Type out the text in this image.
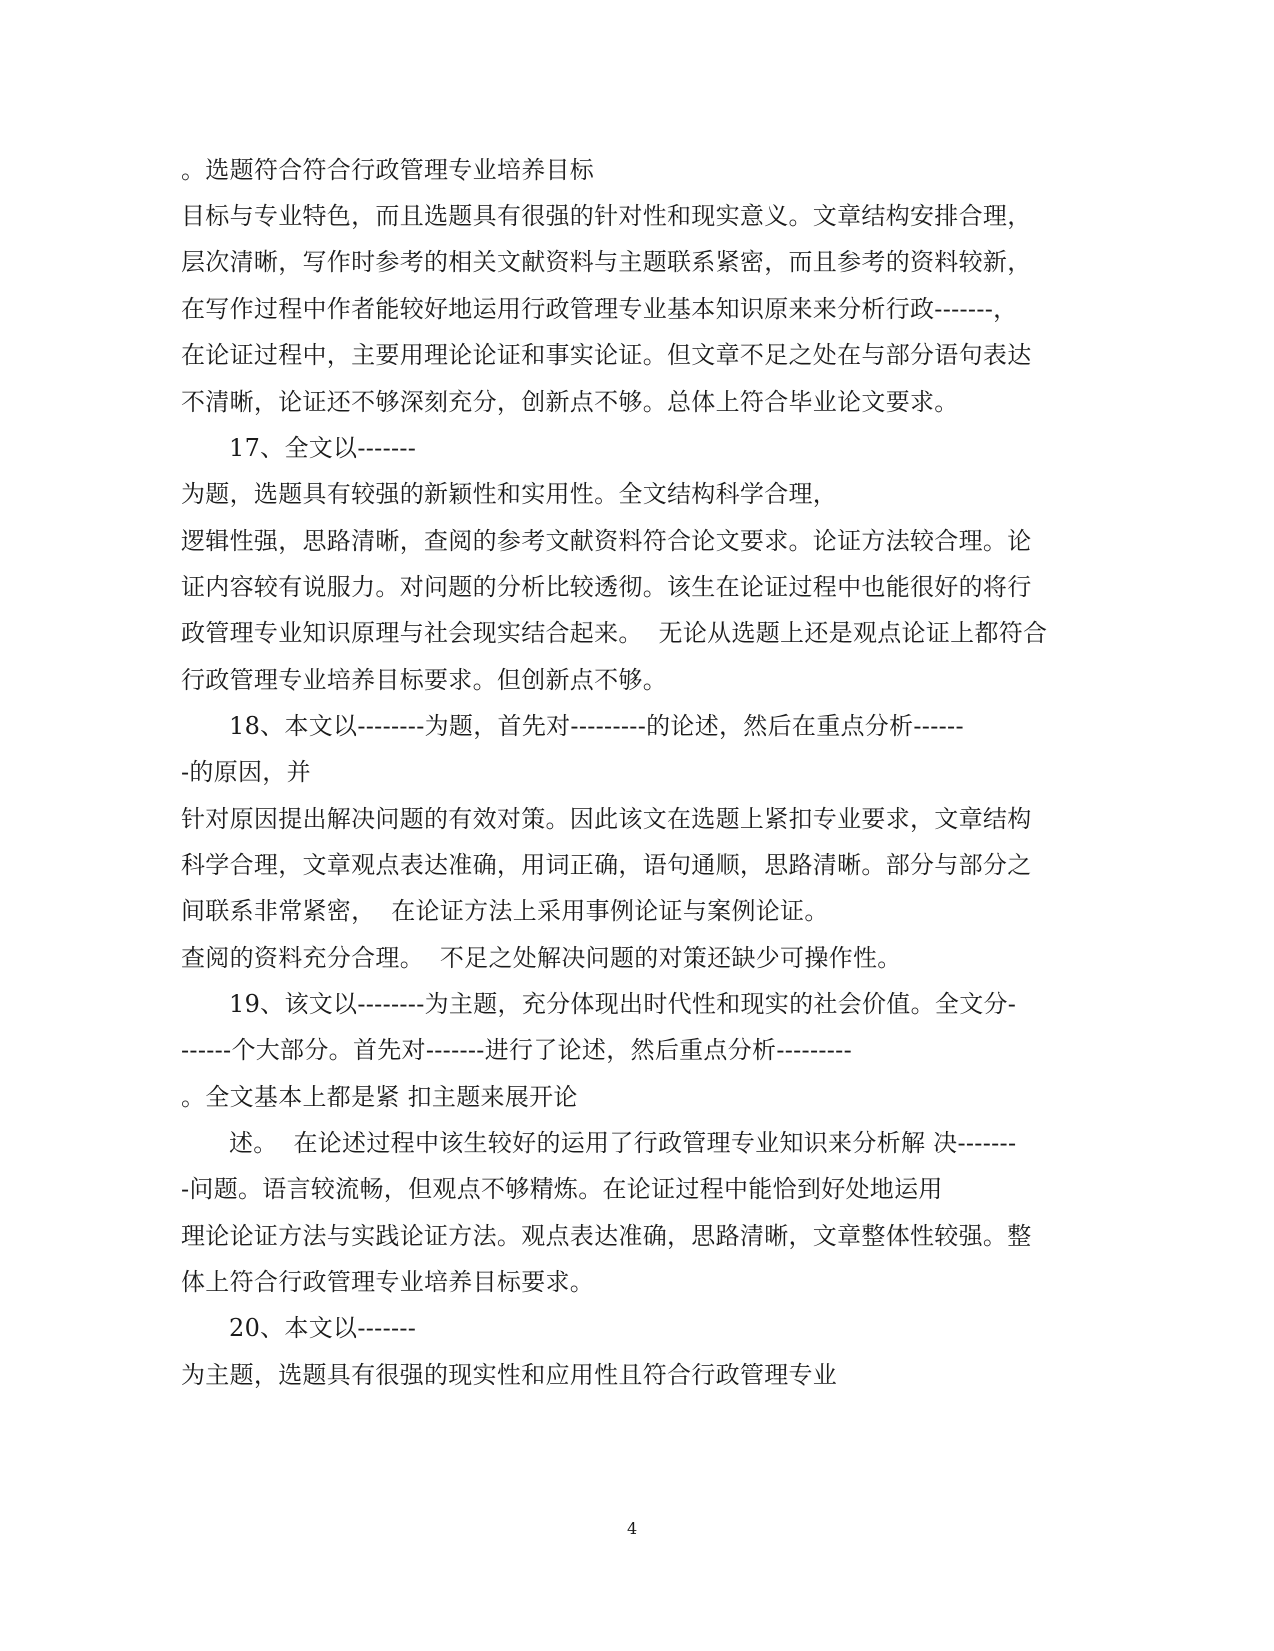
。选题符合符合行政管理专业培养目标
目标与专业特色，而且选题具有很强的针对性和现实意义。文章结构安排合理，
层次清晰，写作时参考的相关文献资料与主题联系紧密，而且参考的资料较新，
在写作过程中作者能较好地运用行政管理专业基本知识原来来分析行政-------，
在论证过程中，主要用理论论证和事实论证。但文章不足之处在与部分语句表达
不清晰，论证还不够深刻充分，创新点不够。总体上符合毕业论文要求。
17、全文以-------
为题，选题具有较强的新颖性和实用性。全文结构科学合理，
逻辑性强，思路清晰，查阅的参考文献资料符合论文要求。论证方法较合理。论
证内容较有说服力。对问题的分析比较透彻。该生在论证过程中也能很好的将行
政管理专业知识原理与社会现实结合起来。  无论从选题上还是观点论证上都符合
行政管理专业培养目标要求。但创新点不够。
18、本文以--------为题，首先对---------的论述，然后在重点分析------
-的原因，并
针对原因提出解决问题的有效对策。因此该文在选题上紧扣专业要求，文章结构
科学合理，文章观点表达准确，用词正确，语句通顺，思路清晰。部分与部分之
间联系非常紧密，  在论证方法上采用事例论证与案例论证。
查阅的资料充分合理。  不足之处解决问题的对策还缺少可操作性。
19、该文以--------为主题，充分体现出时代性和现实的社会价值。全文分-
------个大部分。首先对-------进行了论述，然后重点分析---------
。全文基本上都是紧 扣主题来展开论
述。  在论述过程中该生较好的运用了行政管理专业知识来分析解 决-------
-问题。语言较流畅，但观点不够精炼。在论证过程中能恰到好处地运用
理论论证方法与实践论证方法。观点表达准确，思路清晰，文章整体性较强。整
体上符合行政管理专业培养目标要求。
20、本文以-------
为主题，选题具有很强的现实性和应用性且符合行政管理专业
4
